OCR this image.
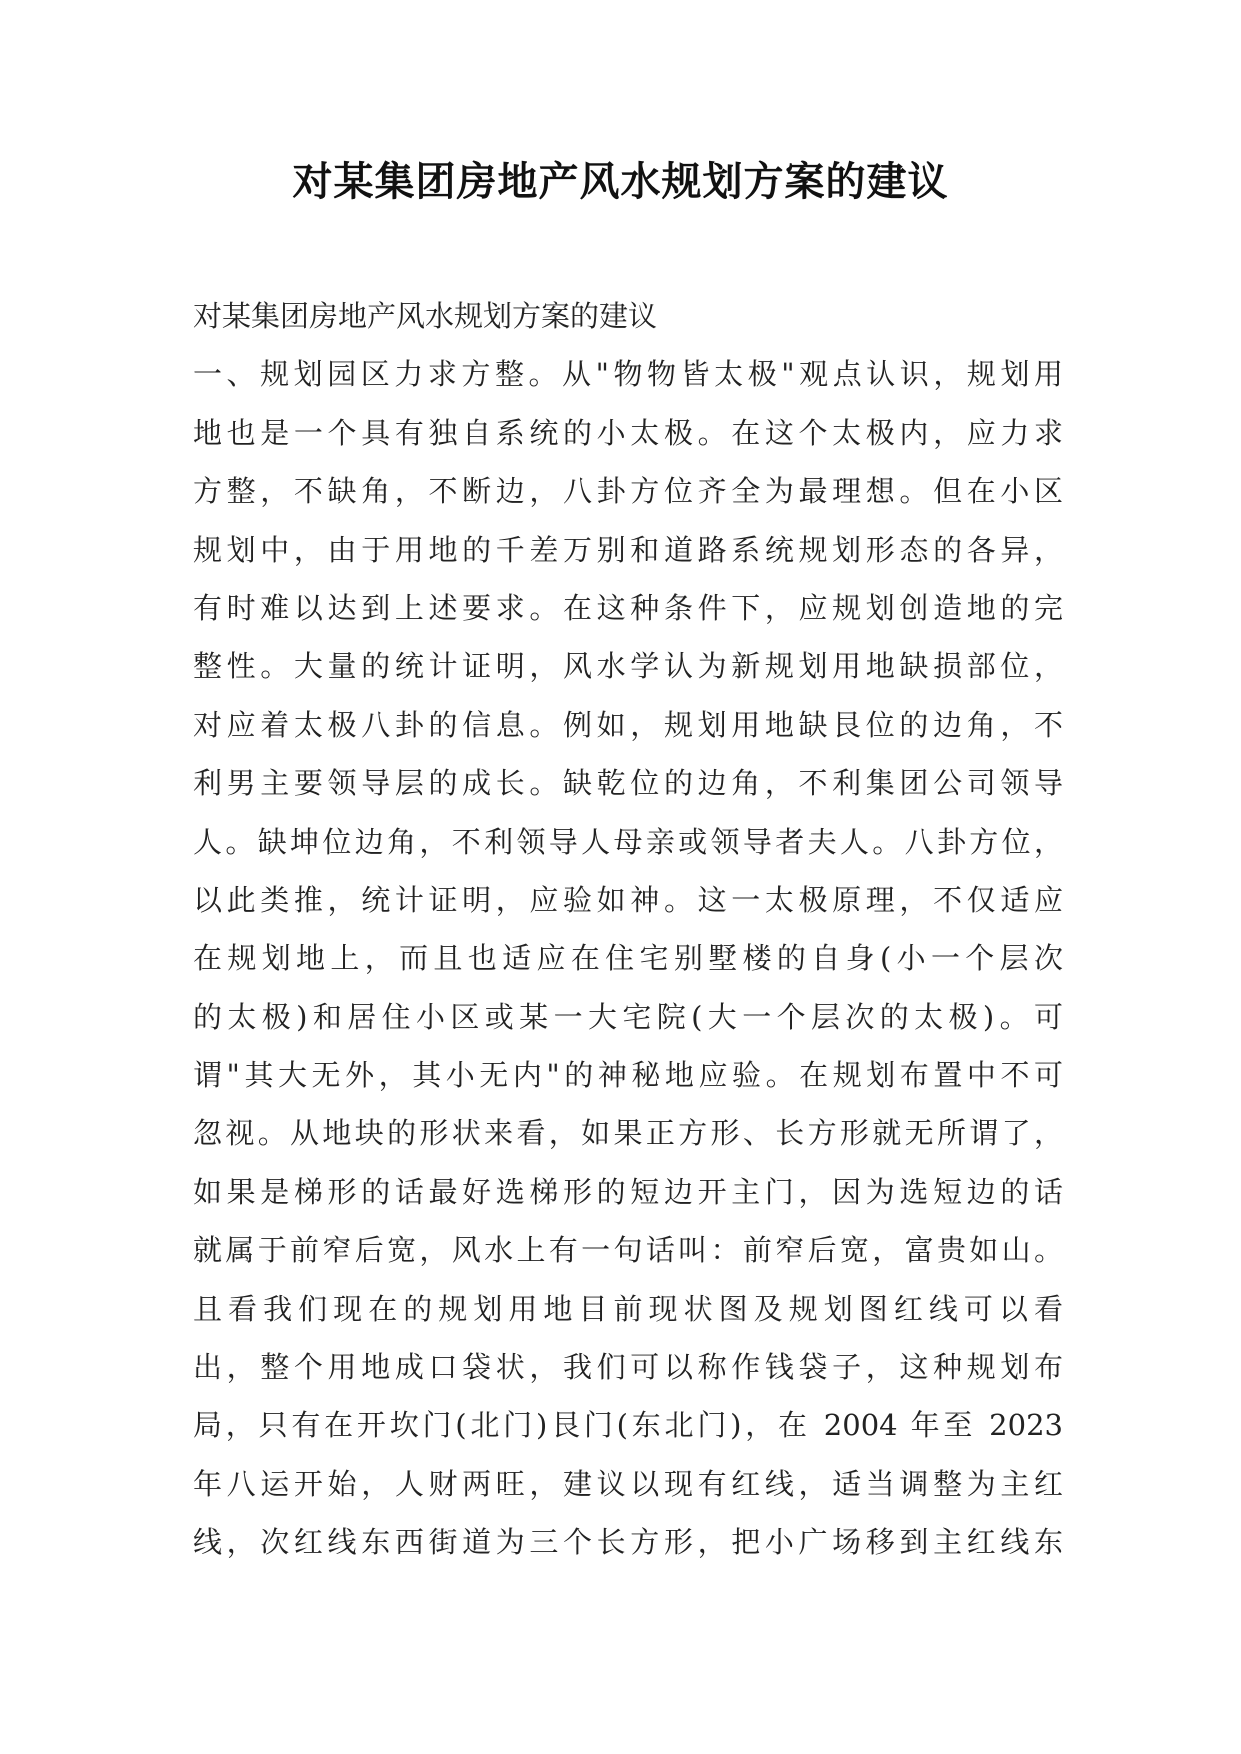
对某集团房地产风水规划方案的建议
对某集团房地产风水规划方案的建议
一、规划园区力求方整。从"物物皆太极"观点认识，规划用
地也是一个具有独自系统的小太极。在这个太极内，应力求
方整，不缺角，不断边，八卦方位齐全为最理想。但在小区
规划中，由于用地的千差万别和道路系统规划形态的各异，
有时难以达到上述要求。在这种条件下，应规划创造地的完
整性。大量的统计证明，风水学认为新规划用地缺损部位，
对应着太极八卦的信息。例如，规划用地缺艮位的边角，不
利男主要领导层的成长。缺乾位的边角，不利集团公司领导
人。缺坤位边角，不利领导人母亲或领导者夫人。八卦方位，
以此类推，统计证明，应验如神。这一太极原理，不仅适应
在规划地上，而且也适应在住宅别墅楼的自身(小一个层次
的太极)和居住小区或某一大宅院(大一个层次的太极)。可
谓"其大无外，其小无内"的神秘地应验。在规划布置中不可
忽视。从地块的形状来看，如果正方形、长方形就无所谓了，
如果是梯形的话最好选梯形的短边开主门，因为选短边的话
就属于前窄后宽，风水上有一句话叫：前窄后宽，富贵如山。
且看我们现在的规划用地目前现状图及规划图红线可以看
出，整个用地成口袋状，我们可以称作钱袋子，这种规划布
局，只有在开坎门(北门)艮门(东北门)，在 2004 年至 2023
年八运开始，人财两旺，建议以现有红线，适当调整为主红
线，次红线东西街道为三个长方形，把小广场移到主红线东
